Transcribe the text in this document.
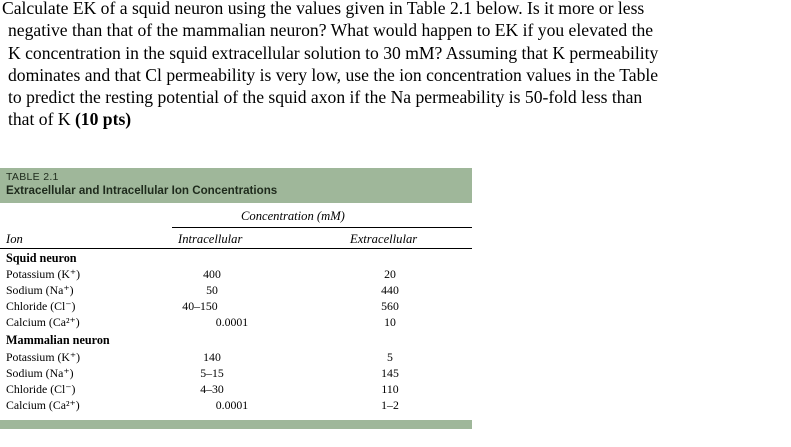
Calculate EK of a squid neuron using the values given in Table 2.1 below. Is it more or less
negative than that of the mammalian neuron? What would happen to EK if you elevated the
K concentration in the squid extracellular solution to 30 mM? Assuming that K permeability
dominates and that Cl permeability is very low, use the ion concentration values in the Table
to predict the resting potential of the squid axon if the Na permeability is 50-fold less than
that of K (10 pts)
TABLE 2.1
Extracellular and Intracellular Ion Concentrations
Concentration (mM)
Ion	Intracellular	Extracellular
Squid neuron
Potassium (K⁺)	400	20
Sodium (Na⁺)	50	440
Chloride (Cl⁻)	40–150	560
Calcium (Ca²⁺)	0.0001	10
Mammalian neuron
Potassium (K⁺)	140	5
Sodium (Na⁺)	5–15	145
Chloride (Cl⁻)	4–30	110
Calcium (Ca²⁺)	0.0001	1–2
